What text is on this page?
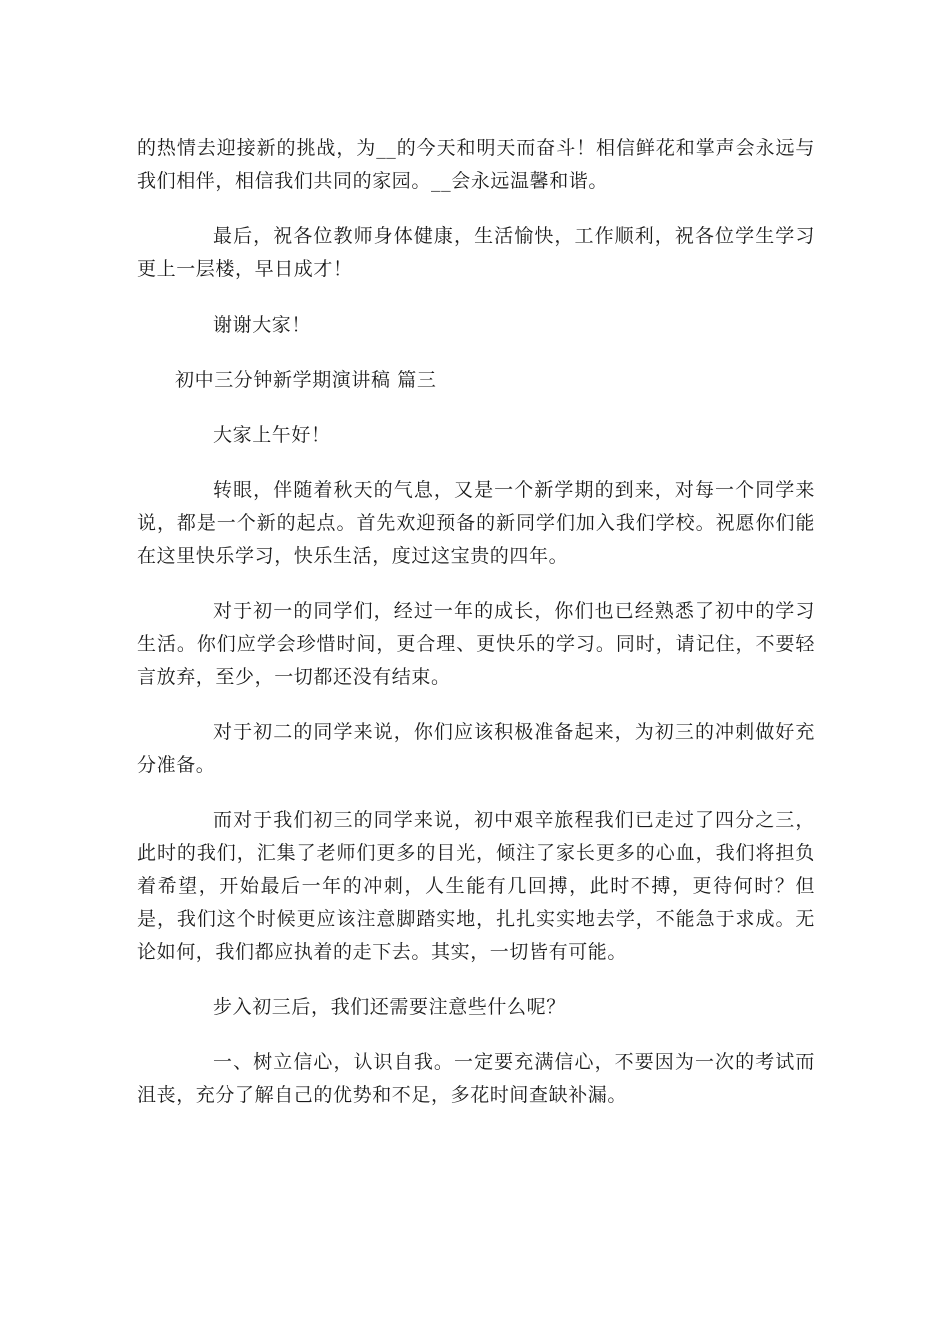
的热情去迎接新的挑战，为__的今天和明天而奋斗！相信鲜花和掌声会永远与我们相伴，相信我们共同的家园。__会永远温馨和谐。

最后，祝各位教师身体健康，生活愉快，工作顺利，祝各位学生学习更上一层楼，早日成才！

谢谢大家！

初中三分钟新学期演讲稿 篇三

大家上午好！

转眼，伴随着秋天的气息，又是一个新学期的到来，对每一个同学来说，都是一个新的起点。首先欢迎预备的新同学们加入我们学校。祝愿你们能在这里快乐学习，快乐生活，度过这宝贵的四年。

对于初一的同学们，经过一年的成长，你们也已经熟悉了初中的学习生活。你们应学会珍惜时间，更合理、更快乐的学习。同时，请记住，不要轻言放弃，至少，一切都还没有结束。

对于初二的同学来说，你们应该积极准备起来，为初三的冲刺做好充分准备。

而对于我们初三的同学来说，初中艰辛旅程我们已走过了四分之三，此时的我们，汇集了老师们更多的目光，倾注了家长更多的心血，我们将担负着希望，开始最后一年的冲刺，人生能有几回搏，此时不搏，更待何时？但是，我们这个时候更应该注意脚踏实地，扎扎实实地去学，不能急于求成。无论如何，我们都应执着的走下去。其实，一切皆有可能。

步入初三后，我们还需要注意些什么呢？

一、树立信心，认识自我。一定要充满信心，不要因为一次的考试而沮丧，充分了解自己的优势和不足，多花时间查缺补漏。
